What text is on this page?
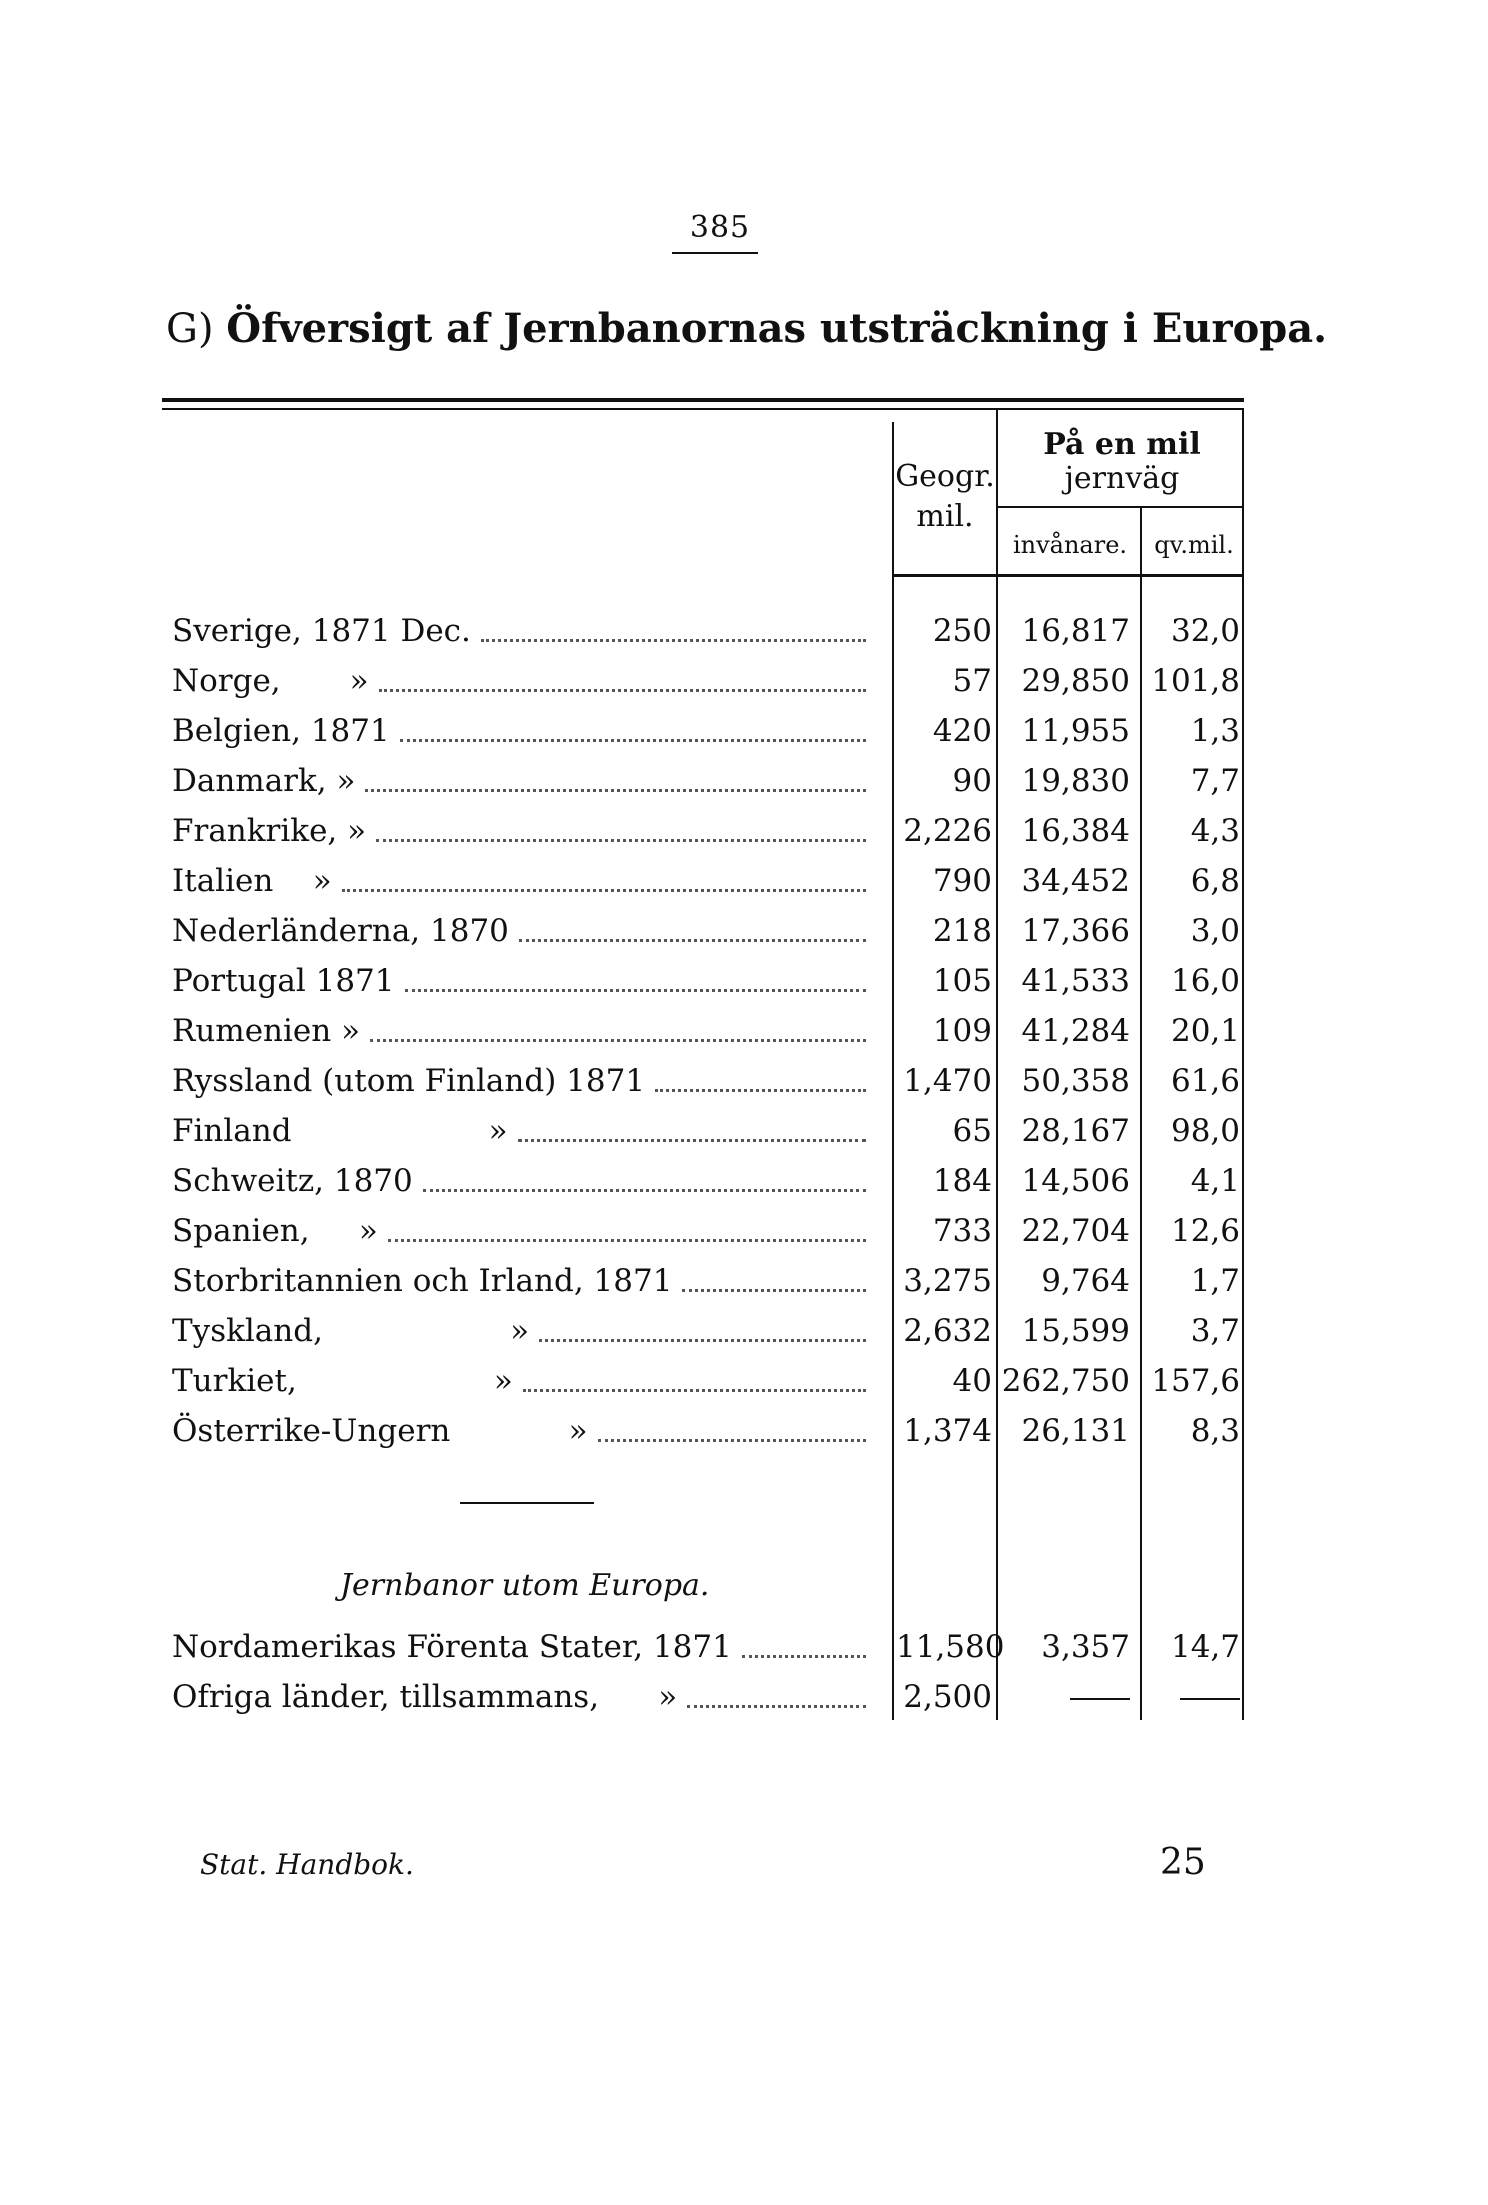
385
G) Öfversigt af Jernbanornas utsträckning i Europa.
Geogr.
mil.
På en mil
jernväg
invånare.	qv.mil.
Sverige, 1871 Dec.	250 16,817	32,0
Norge,       »	57 29,850 101,8
Belgien, 1871	420 11,955	1,3
Danmark, »	90 19,830	7,7
Frankrike, »	2,226 16,384	4,3
Italien    »	790 34,452	6,8
Nederländerna, 1870	218 17,366	3,0
Portugal 1871	105 41,533	16,0
Rumenien »	109 41,284	20,1
Ryssland (utom Finland) 1871	1,470 50,358	61,6
Finland                    »	65 28,167	98,0
Schweitz, 1870	184 14,506	4,1
Spanien,     »	733 22,704	12,6
Storbritannien och Irland, 1871	3,275	9,764	1,7
Tyskland,                   »	2,632 15,599	3,7
Turkiet,                    »	40 262,750 157,6
Österrike-Ungern            »	1,374 26,131	8,3
Jernbanor utom Europa.
Nordamerikas Förenta Stater, 1871	11,580	3,357	14,7
Ofriga länder, tillsammans,      »	2,500
Stat. Handbok.	25
